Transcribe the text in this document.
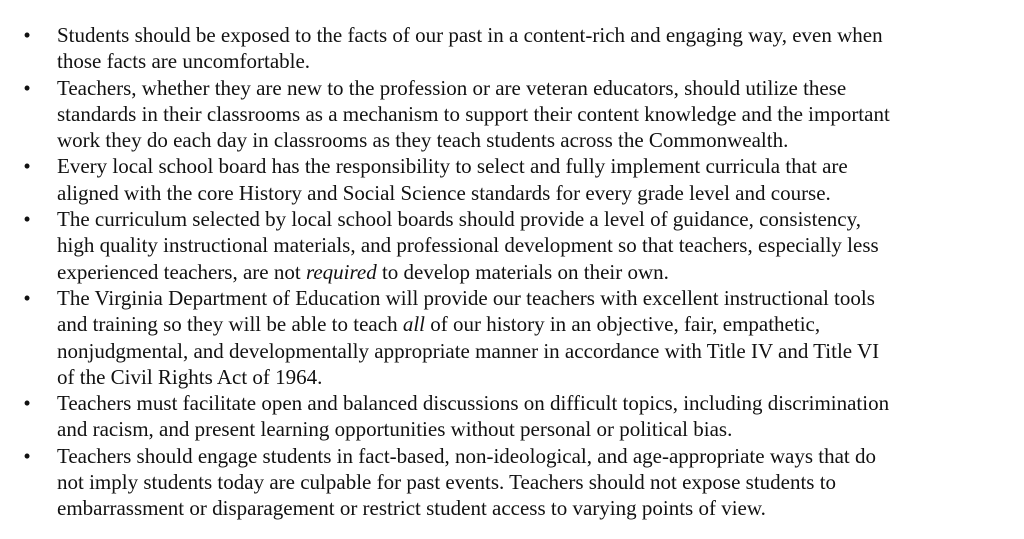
• Students should be exposed to the facts of our past in a content-rich and engaging way, even when
those facts are uncomfortable.
• Teachers, whether they are new to the profession or are veteran educators, should utilize these
standards in their classrooms as a mechanism to support their content knowledge and the important
work they do each day in classrooms as they teach students across the Commonwealth.
• Every local school board has the responsibility to select and fully implement curricula that are
aligned with the core History and Social Science standards for every grade level and course.
• The curriculum selected by local school boards should provide a level of guidance, consistency,
high quality instructional materials, and professional development so that teachers, especially less
experienced teachers, are not required to develop materials on their own.
• The Virginia Department of Education will provide our teachers with excellent instructional tools
and training so they will be able to teach all of our history in an objective, fair, empathetic,
nonjudgmental, and developmentally appropriate manner in accordance with Title IV and Title VI
of the Civil Rights Act of 1964.
• Teachers must facilitate open and balanced discussions on difficult topics, including discrimination
and racism, and present learning opportunities without personal or political bias.
• Teachers should engage students in fact-based, non-ideological, and age-appropriate ways that do
not imply students today are culpable for past events. Teachers should not expose students to
embarrassment or disparagement or restrict student access to varying points of view.
